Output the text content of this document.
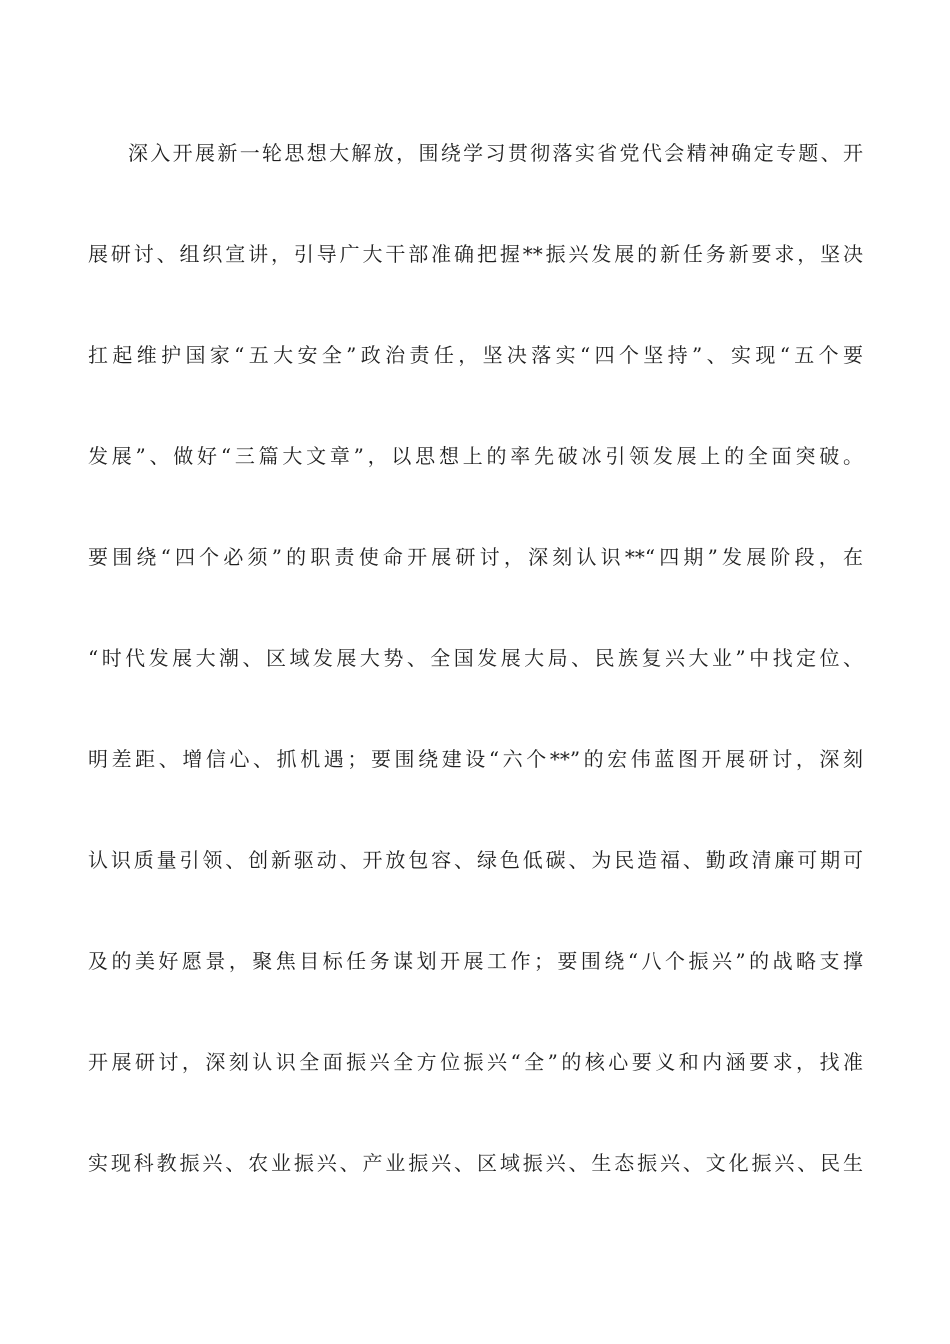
深入开展新一轮思想大解放，围绕学习贯彻落实省党代会精神确定专题、开
展研讨、组织宣讲，引导广大干部准确把握**振兴发展的新任务新要求，坚决
扛起维护国家“五大安全”政治责任，坚决落实“四个坚持”、实现“五个要
发展”、做好“三篇大文章”，以思想上的率先破冰引领发展上的全面突破。
要围绕“四个必须”的职责使命开展研讨，深刻认识**“四期”发展阶段，在
“时代发展大潮、区域发展大势、全国发展大局、民族复兴大业”中找定位、
明差距、增信心、抓机遇；要围绕建设“六个**”的宏伟蓝图开展研讨，深刻
认识质量引领、创新驱动、开放包容、绿色低碳、为民造福、勤政清廉可期可
及的美好愿景，聚焦目标任务谋划开展工作；要围绕“八个振兴”的战略支撑
开展研讨，深刻认识全面振兴全方位振兴“全”的核心要义和内涵要求，找准
实现科教振兴、农业振兴、产业振兴、区域振兴、生态振兴、文化振兴、民生
